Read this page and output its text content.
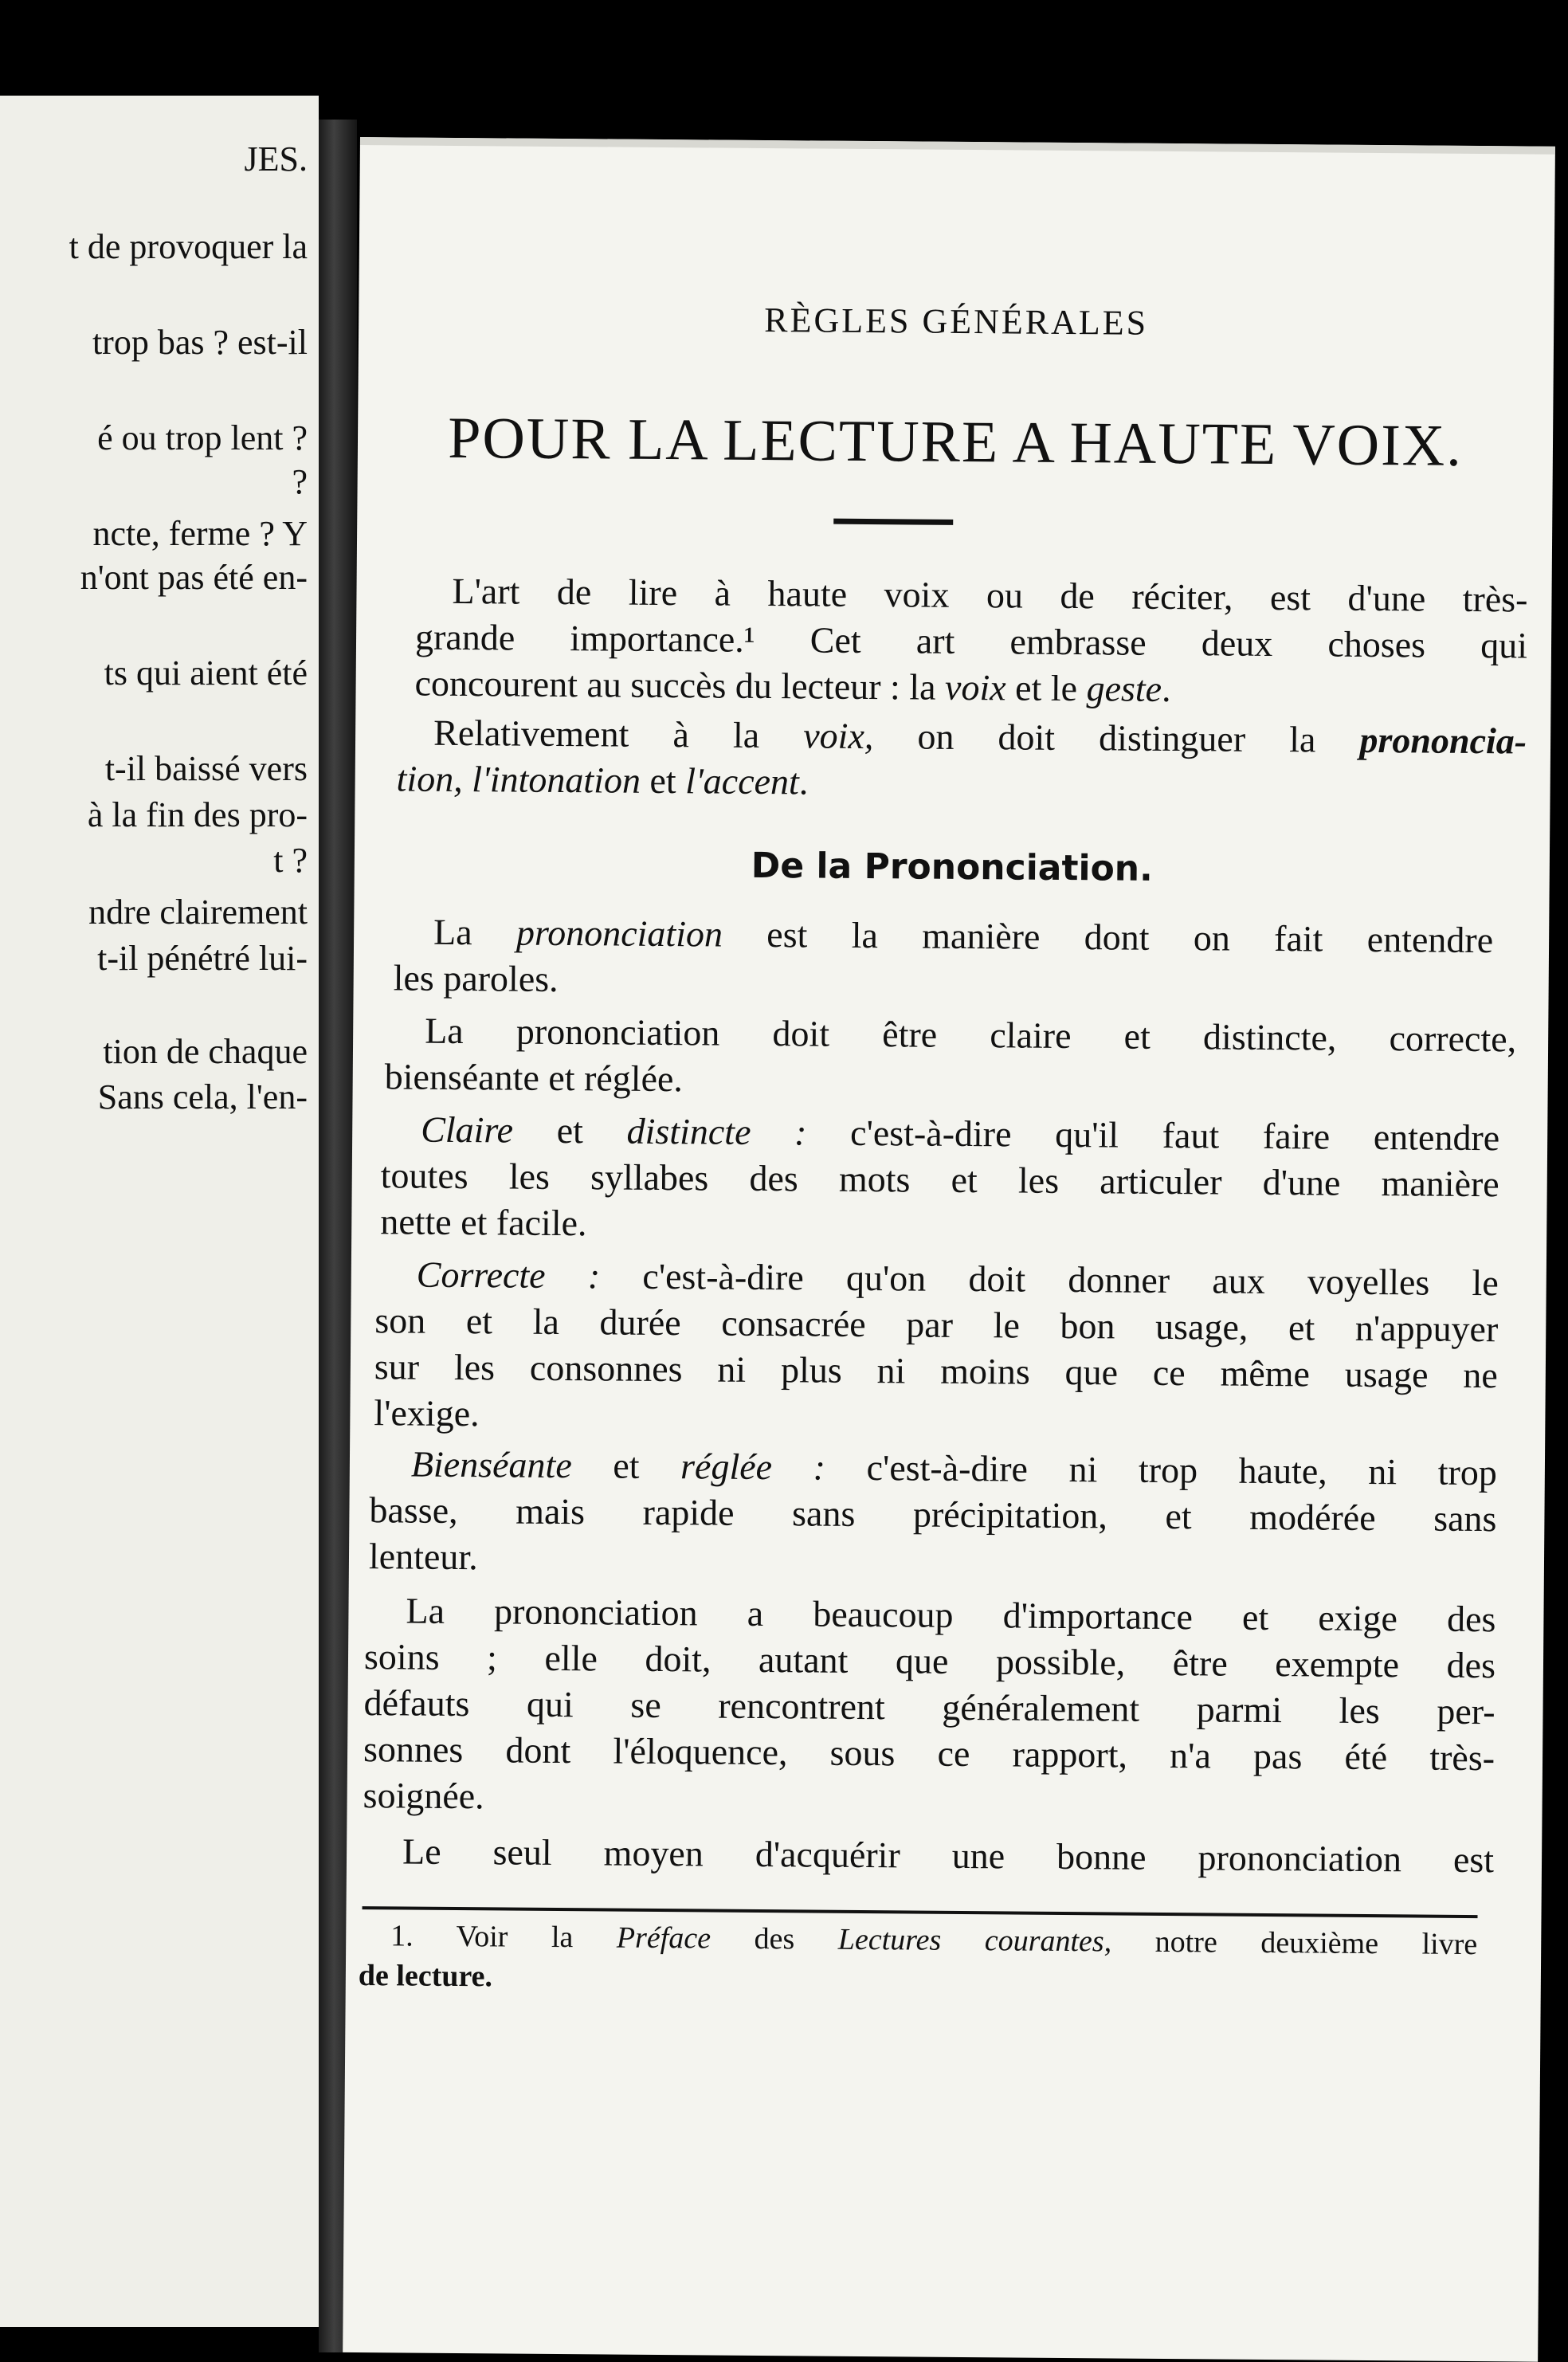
JES.
t de provoquer la
trop bas ? est-il
é ou trop lent ?
?
ncte, ferme ? Y
n'ont pas été en-
ts qui aient été
t-il baissé vers
à la fin des pro-
t ?
ndre clairement
t-il pénétré lui-
tion de chaque
Sans cela, l'en-
RÈGLES GÉNÉRALES
POUR LA LECTURE A HAUTE VOIX.
L'art de lire à haute voix ou de réciter, est d'une très-
grande importance.¹ Cet art embrasse deux choses qui
concourent au succès du lecteur : la voix et le geste.
Relativement à la voix, on doit distinguer la prononcia-
tion, l'intonation et l'accent.
De la Prononciation.
La prononciation est la manière dont on fait entendre
les paroles.
La prononciation doit être claire et distincte, correcte,
bienséante et réglée.
Claire et distincte : c'est-à-dire qu'il faut faire entendre
toutes les syllabes des mots et les articuler d'une manière
nette et facile.
Correcte : c'est-à-dire qu'on doit donner aux voyelles le
son et la durée consacrée par le bon usage, et n'appuyer
sur les consonnes ni plus ni moins que ce même usage ne
l'exige.
Bienséante et réglée : c'est-à-dire ni trop haute, ni trop
basse, mais rapide sans précipitation, et modérée sans
lenteur.
La prononciation a beaucoup d'importance et exige des
soins ; elle doit, autant que possible, être exempte des
défauts qui se rencontrent généralement parmi les per-
sonnes dont l'éloquence, sous ce rapport, n'a pas été très-
soignée.
Le seul moyen d'acquérir une bonne prononciation est
1. Voir la Préface des Lectures courantes, notre deuxième livre
de lecture.
